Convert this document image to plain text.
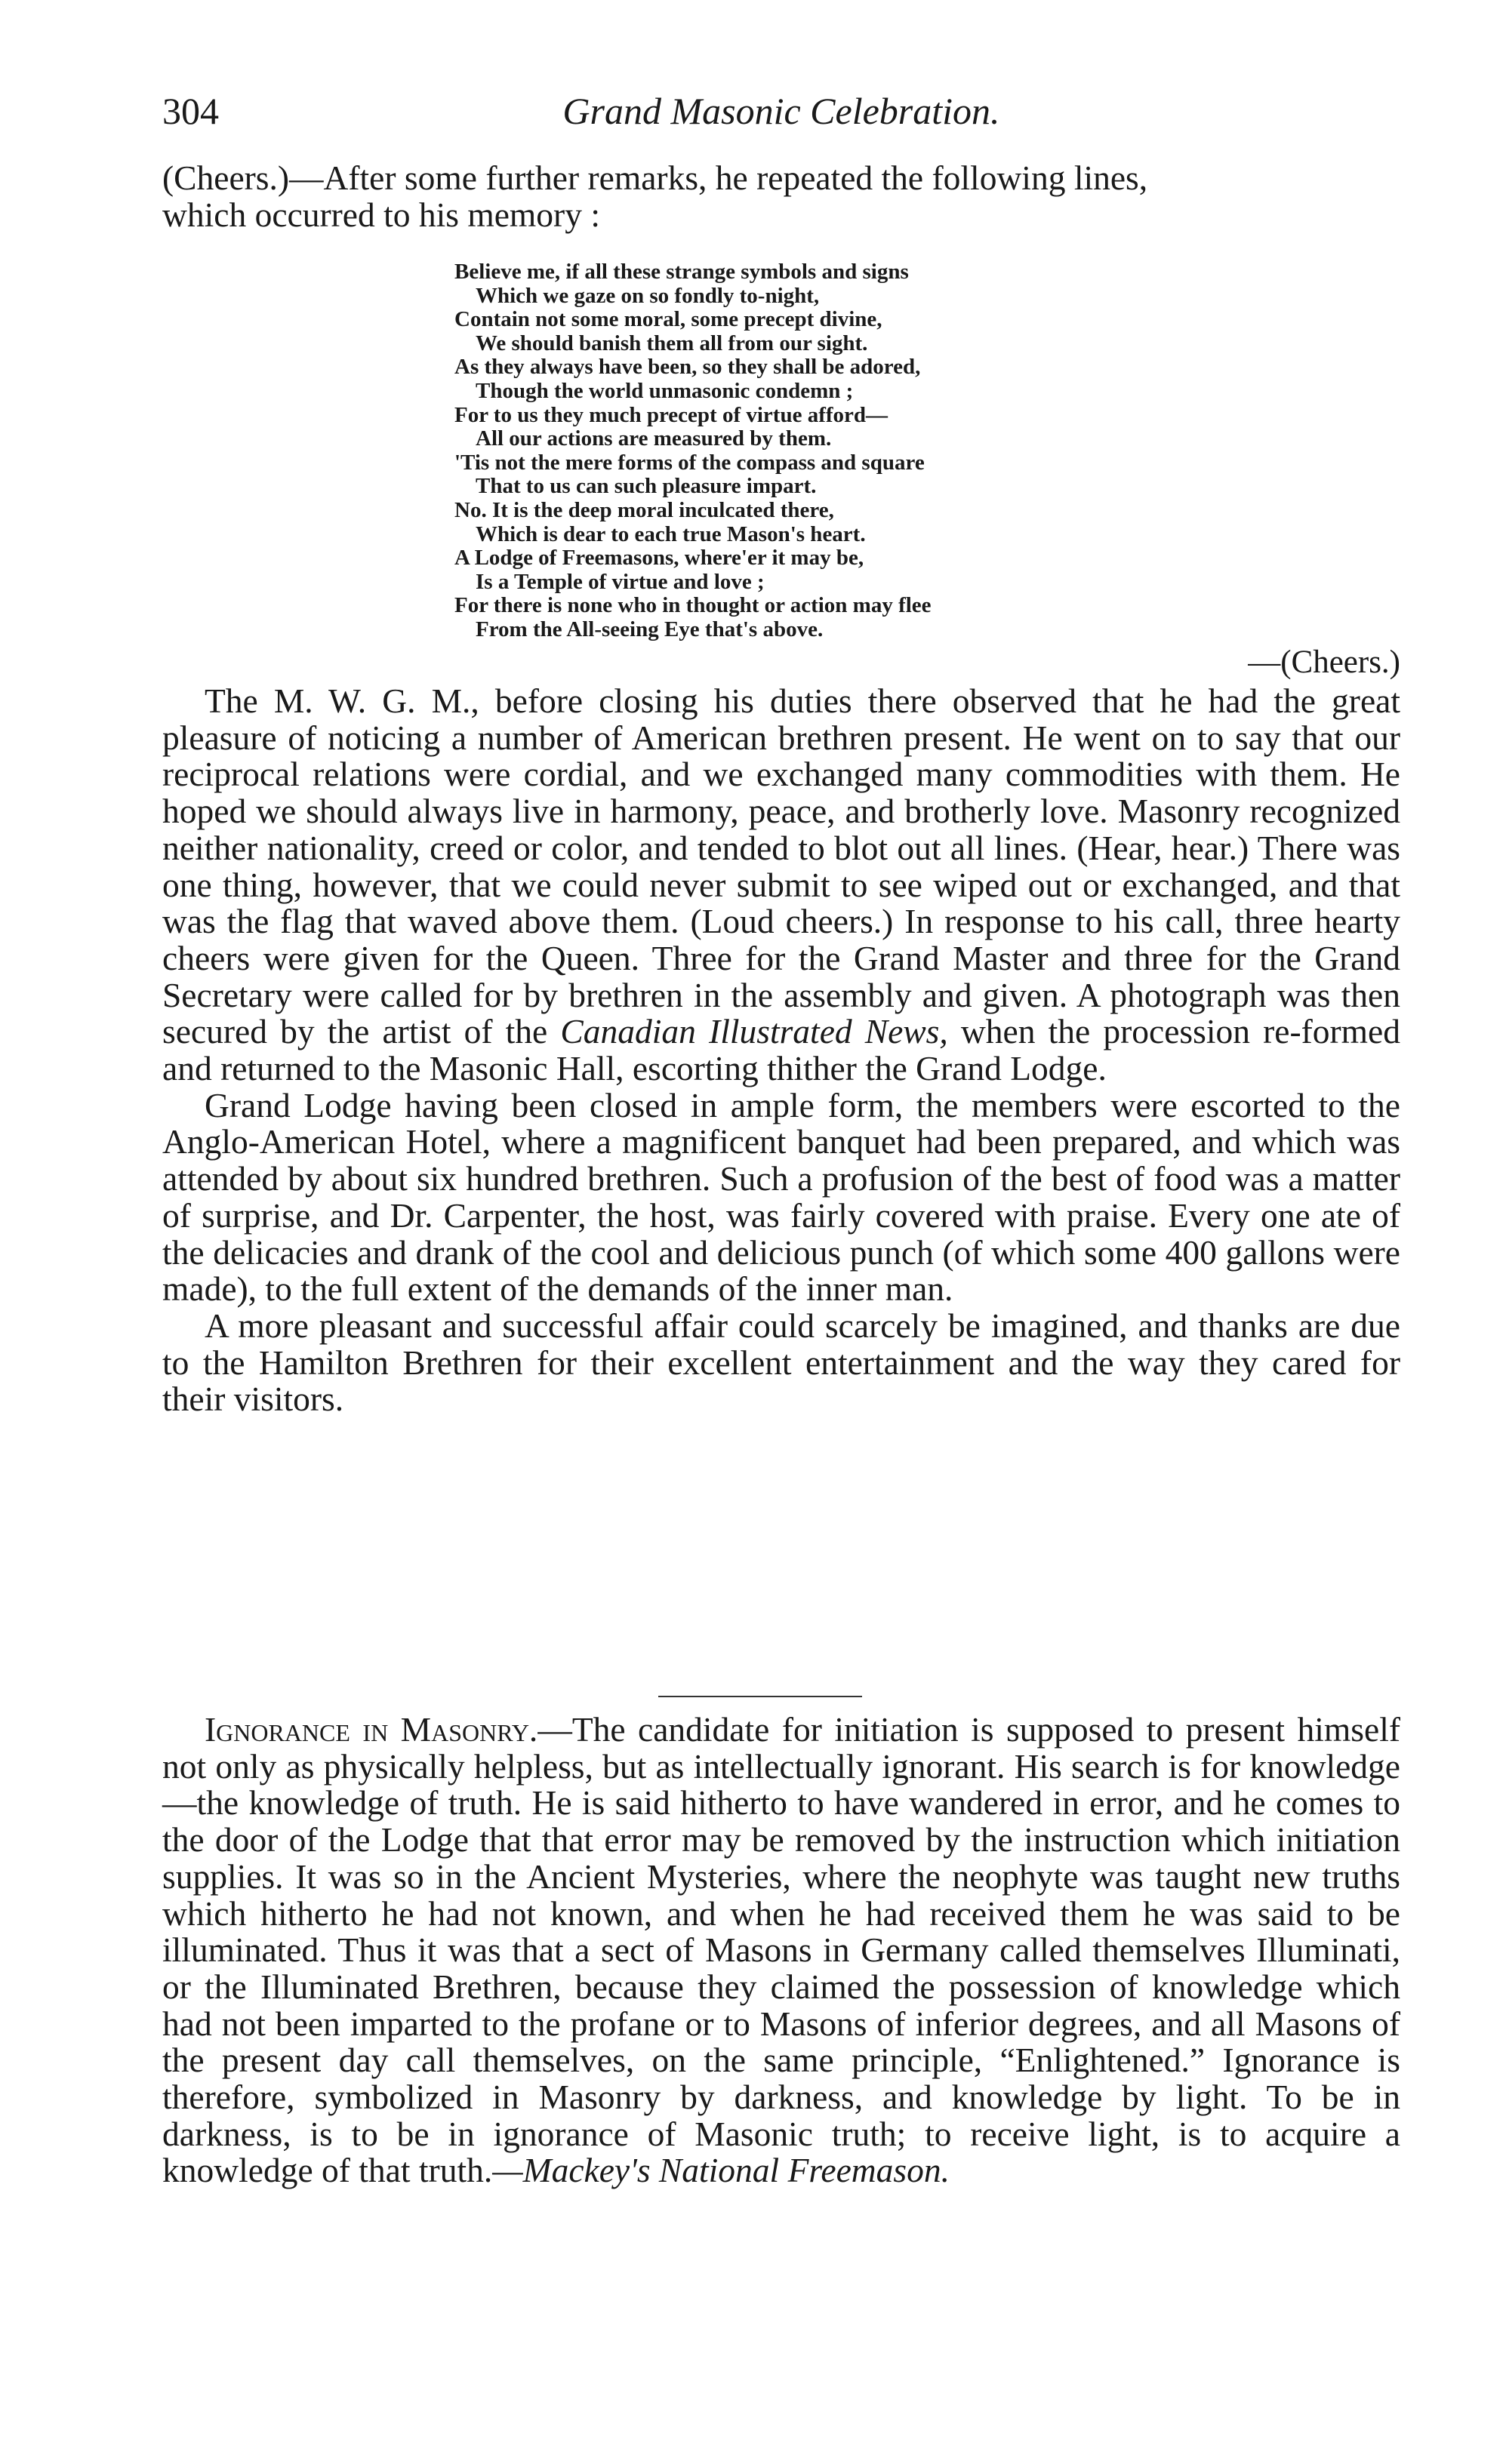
304	Grand Masonic Celebration.
(Cheers.)—After some further remarks, he repeated the following lines,
which occurred to his memory :
Believe me, if all these strange symbols and signs
Which we gaze on so fondly to-night,
Contain not some moral, some precept divine,
We should banish them all from our sight.
As they always have been, so they shall be adored,
Though the world unmasonic condemn ;
For to us they much precept of virtue afford—
All our actions are measured by them.
'Tis not the mere forms of the compass and square
That to us can such pleasure impart.
No. It is the deep moral inculcated there,
Which is dear to each true Mason's heart.
A Lodge of Freemasons, where'er it may be,
Is a Temple of virtue and love ;
For there is none who in thought or action may flee
From the All-seeing Eye that's above.
—(Cheers.)

The M. W. G. M., before closing his duties there observed that he had the great pleasure of noticing a number of American brethren present. He went on to say that our reciprocal relations were cordial, and we exchanged many commodities with them. He hoped we should always live in harmony, peace, and brotherly love. Masonry recognized neither nationality, creed or color, and tended to blot out all lines. (Hear, hear.) There was one thing, however, that we could never submit to see wiped out or exchanged, and that was the flag that waved above them. (Loud cheers.) In response to his call, three hearty cheers were given for the Queen. Three for the Grand Master and three for the Grand Secretary were called for by brethren in the assembly and given. A photograph was then secured by the artist of the Canadian Illustrated News, when the procession re-formed and returned to the Masonic Hall, escorting thither the Grand Lodge.

Grand Lodge having been closed in ample form, the members were escorted to the Anglo-American Hotel, where a magnificent banquet had been prepared, and which was attended by about six hundred brethren. Such a profusion of the best of food was a matter of surprise, and Dr. Carpenter, the host, was fairly covered with praise. Every one ate of the delicacies and drank of the cool and delicious punch (of which some 400 gallons were made), to the full extent of the demands of the inner man.

A more pleasant and successful affair could scarcely be imagined, and thanks are due to the Hamilton Brethren for their excellent entertainment and the way they cared for their visitors.

Ignorance in Masonry.—The candidate for initiation is supposed to present himself not only as physically helpless, but as intellectually ignorant. His search is for knowledge—the knowledge of truth. He is said hitherto to have wandered in error, and he comes to the door of the Lodge that that error may be removed by the instruction which initiation supplies. It was so in the Ancient Mysteries, where the neophyte was taught new truths which hitherto he had not known, and when he had received them he was said to be illuminated. Thus it was that a sect of Masons in Germany called themselves Illuminati, or the Illuminated Brethren, because they claimed the possession of knowledge which had not been imparted to the profane or to Masons of inferior degrees, and all Masons of the present day call themselves, on the same principle, “Enlightened.” Ignorance is therefore, symbolized in Masonry by darkness, and knowledge by light. To be in darkness, is to be in ignorance of Masonic truth; to receive light, is to acquire a knowledge of that truth.—Mackey's National Freemason.
